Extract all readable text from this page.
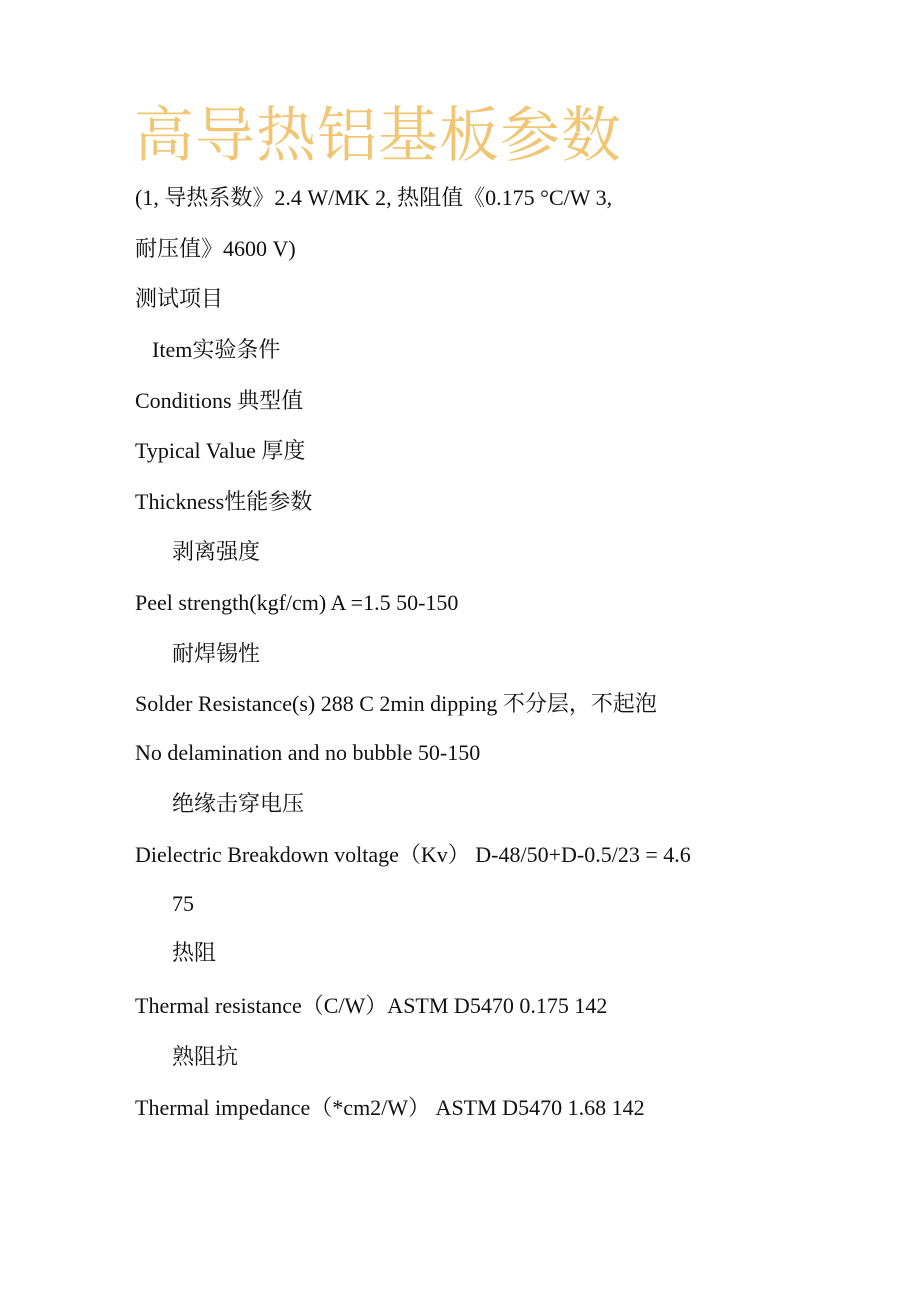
高导热铝基板参数
(1, 导热系数》2.4 W/MK 2, 热阻值《0.175 °C/W 3,
耐压值》4600 V)
测试项目
Item实验条件
Conditions 典型值
Typical Value 厚度
Thickness性能参数
剥离强度
Peel strength(kgf/cm) A =1.5 50-150
耐焊锡性
Solder Resistance(s) 288 C 2min dipping 不分层，不起泡
No delamination and no bubble 50-150
绝缘击穿电压
Dielectric Breakdown voltage（Kv） D-48/50+D-0.5/23 = 4.6
75
热阻
Thermal resistance（C/W）ASTM D5470 0.175 142
熟阻抗
Thermal impedance（*cm2/W） ASTM D5470 1.68 142
